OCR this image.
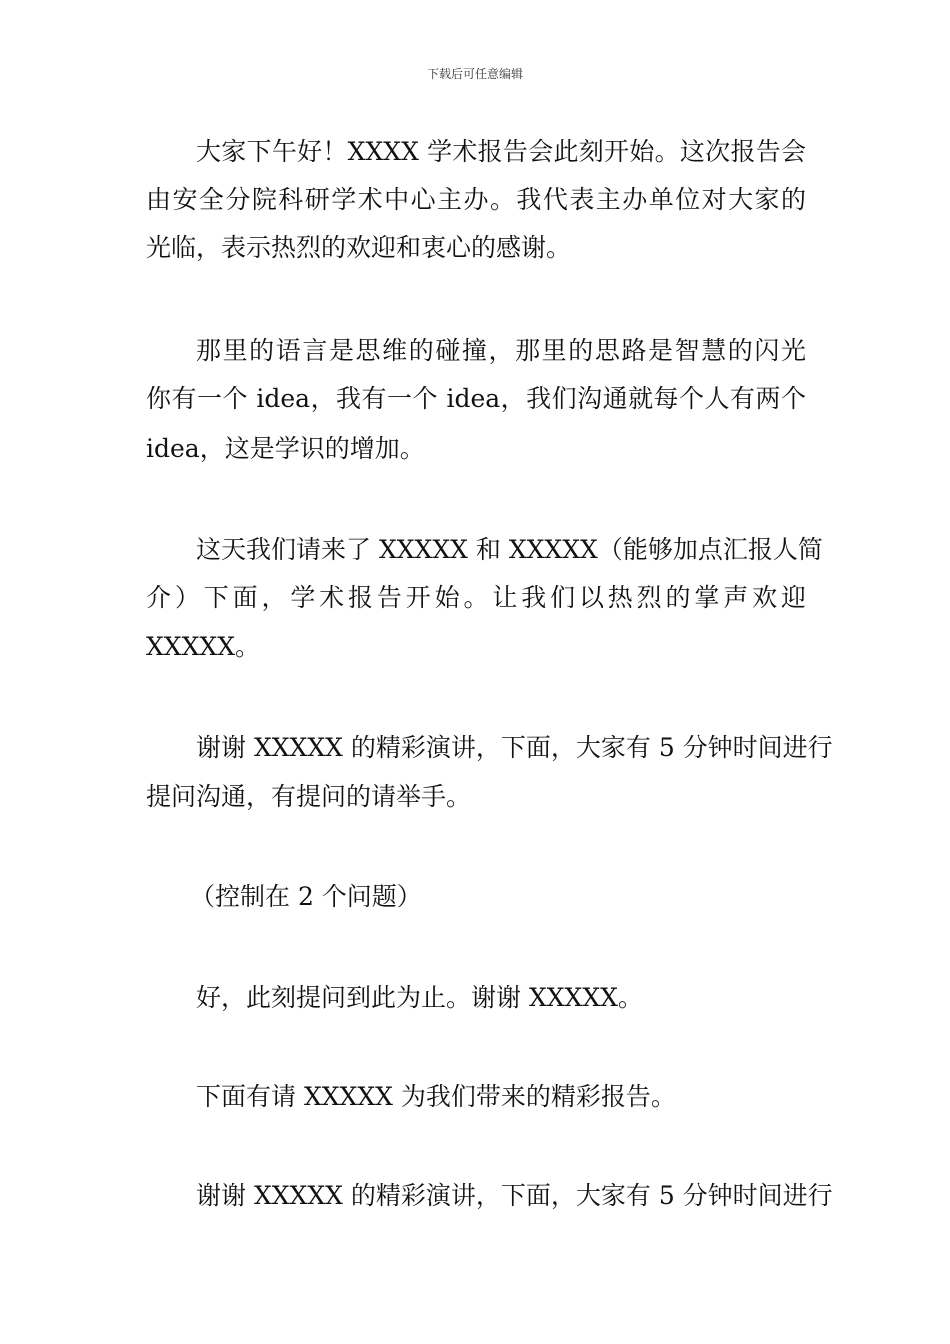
下载后可任意编辑
大家下午好！XXXX 学术报告会此刻开始。这次报告会
由安全分院科研学术中心主办。我代表主办单位对大家的
光临，表示热烈的欢迎和衷心的感谢。
那里的语言是思维的碰撞，那里的思路是智慧的闪光
你有一个 idea，我有一个 idea，我们沟通就每个人有两个
idea，这是学识的增加。
这天我们请来了 XXXXX 和 XXXXX（能够加点汇报人简
介）下面，学术报告开始。让我们以热烈的掌声欢迎
XXXXX。
谢谢 XXXXX 的精彩演讲，下面，大家有 5 分钟时间进行
提问沟通，有提问的请举手。
（控制在 2 个问题）
好，此刻提问到此为止。谢谢 XXXXX。
下面有请 XXXXX 为我们带来的精彩报告。
谢谢 XXXXX 的精彩演讲，下面，大家有 5 分钟时间进行
